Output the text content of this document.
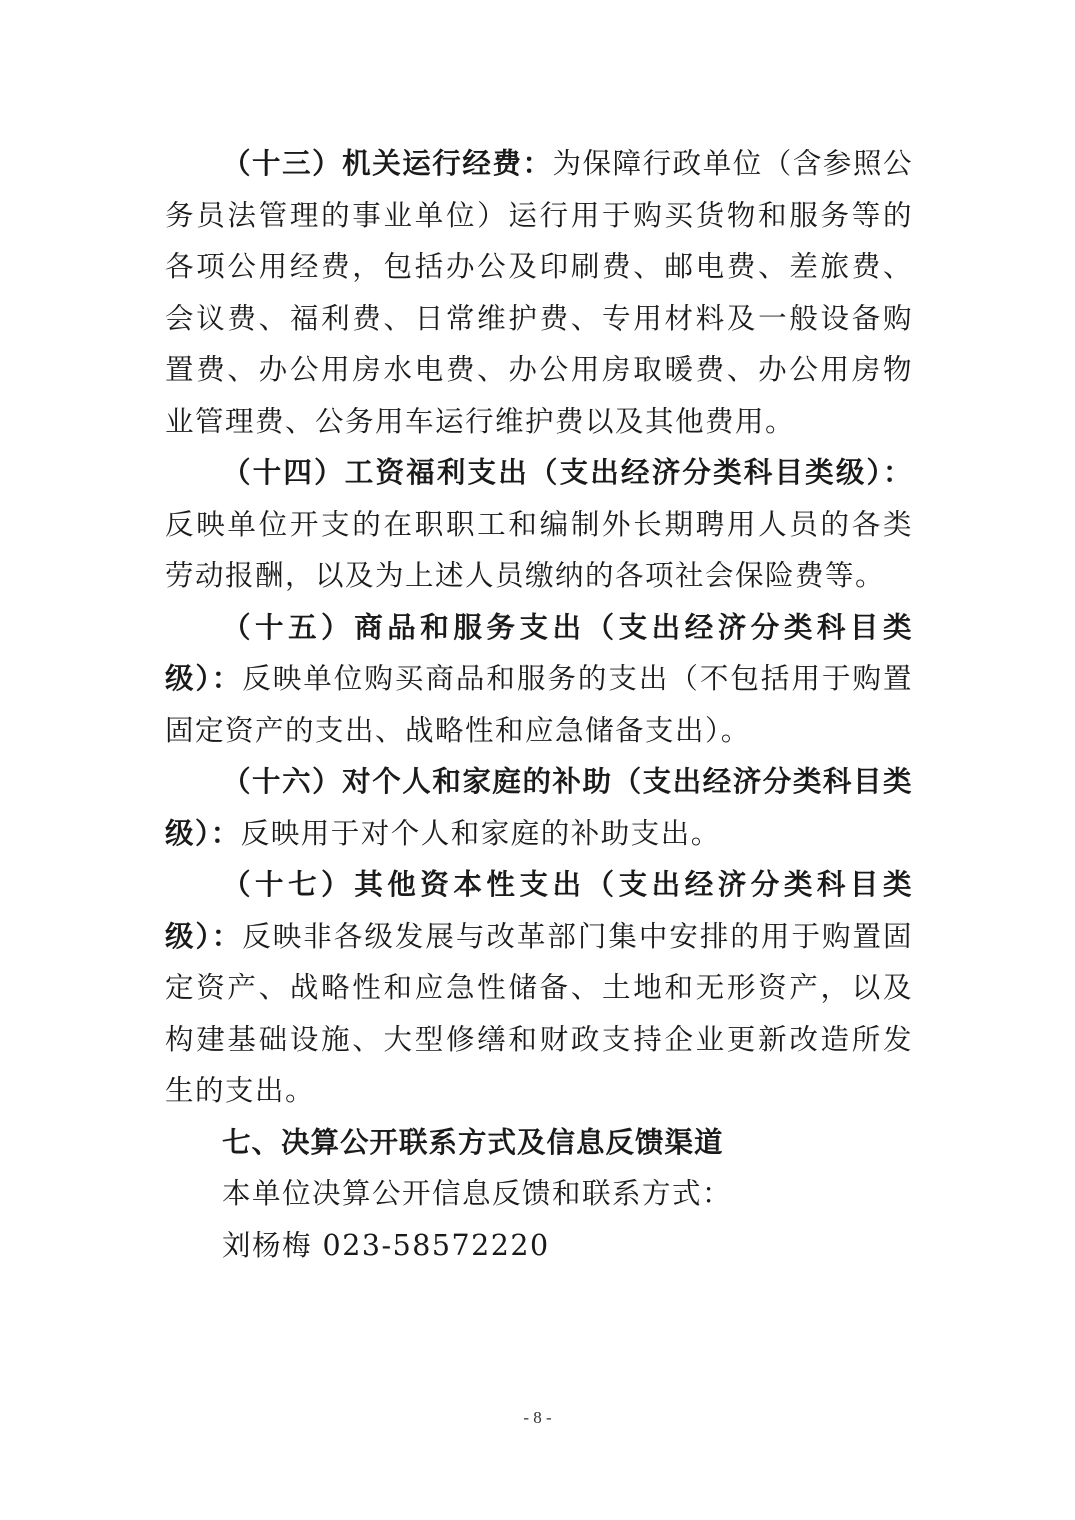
（十三）机关运行经费：为保障行政单位（含参照公务员法管理的事业单位）运行用于购买货物和服务等的各项公用经费，包括办公及印刷费、邮电费、差旅费、会议费、福利费、日常维护费、专用材料及一般设备购置费、办公用房水电费、办公用房取暖费、办公用房物业管理费、公务用车运行维护费以及其他费用。

（十四）工资福利支出（支出经济分类科目类级）：反映单位开支的在职职工和编制外长期聘用人员的各类劳动报酬，以及为上述人员缴纳的各项社会保险费等。

（十五）商品和服务支出（支出经济分类科目类级）：反映单位购买商品和服务的支出（不包括用于购置固定资产的支出、战略性和应急储备支出）。

（十六）对个人和家庭的补助（支出经济分类科目类级）：反映用于对个人和家庭的补助支出。

（十七）其他资本性支出（支出经济分类科目类级）：反映非各级发展与改革部门集中安排的用于购置固定资产、战略性和应急性储备、土地和无形资产，以及构建基础设施、大型修缮和财政支持企业更新改造所发生的支出。

七、决算公开联系方式及信息反馈渠道

本单位决算公开信息反馈和联系方式：

刘杨梅 023-58572220

- 8 -
